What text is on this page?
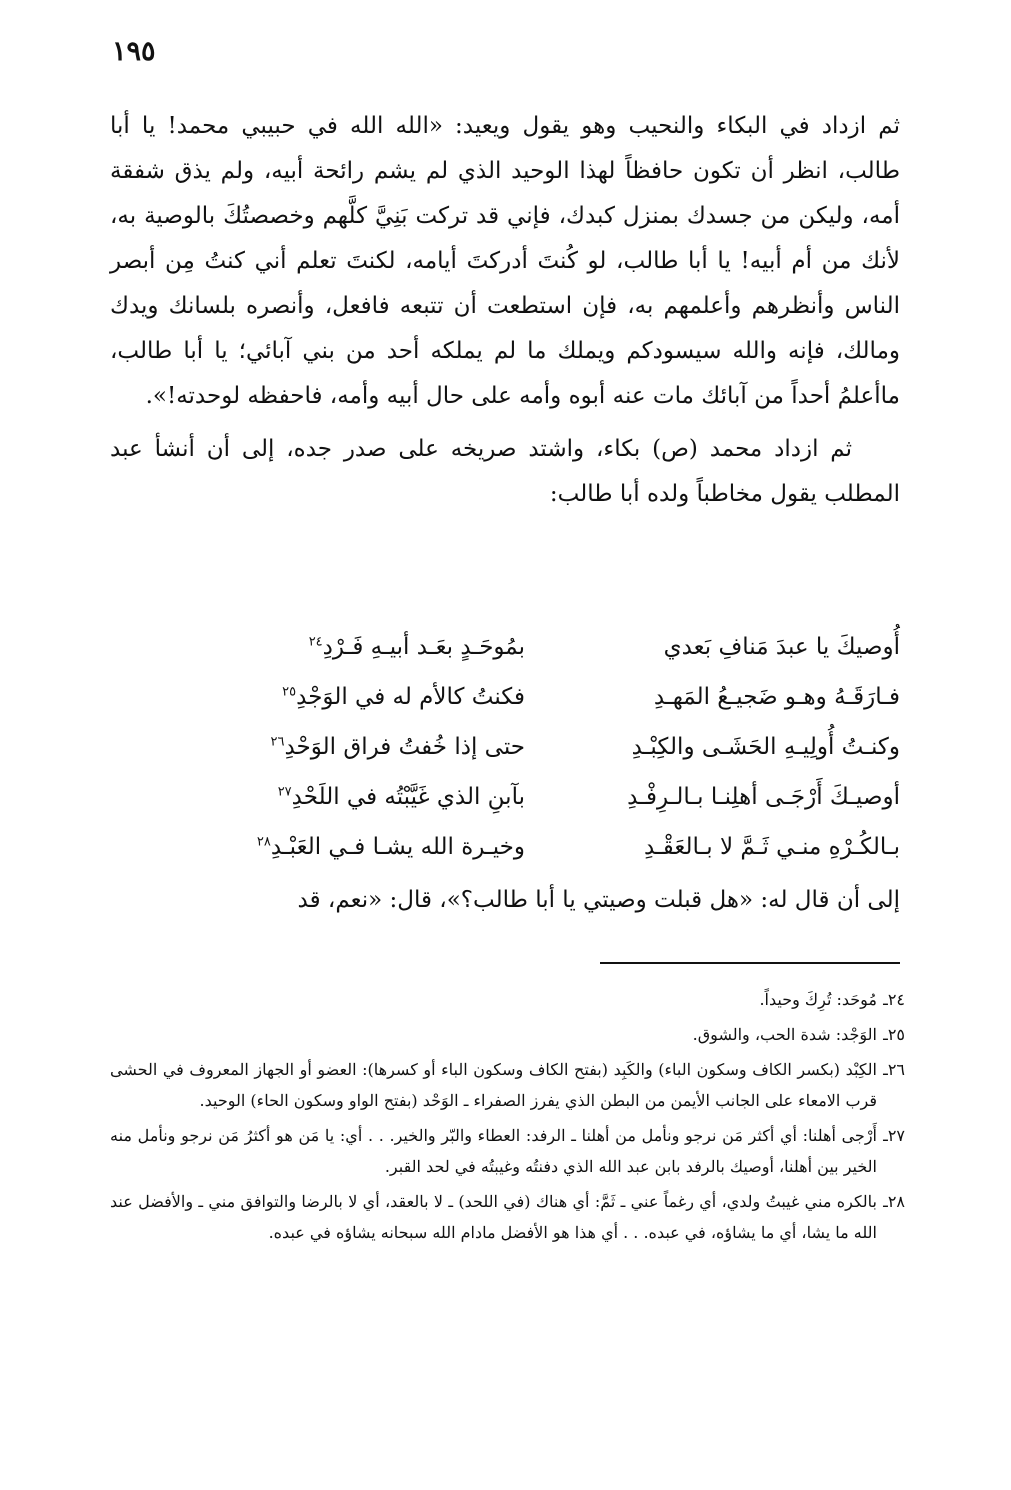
١٩٥

ثم ازداد في البكاء والنحيب وهو يقول ويعيد: «الله الله في حبيبي محمد! يا أبا طالب، انظر أن تكون حافظاً لهذا الوحيد الذي لم يشم رائحة أبيه، ولم يذق شفقة أمه، وليكن من جسدك بمنزل كبدك، فإني قد تركت بَنِيَّ كلَّهم وخصصتُكَ بالوصية به، لأنك من أم أبيه! يا أبا طالب، لو كُنتَ أدركتَ أيامه، لكنتَ تعلم أني كنتُ مِن أبصر الناس وأنظرهم وأعلمهم به، فإن استطعت أن تتبعه فافعل، وأنصره بلسانك ويدك ومالك، فإنه والله سيسودكم ويملك ما لم يملكه أحد من بني آبائي؛ يا أبا طالب، ماأعلمُ أحداً من آبائك مات عنه أبوه وأمه على حال أبيه وأمه، فاحفظه لوحدته!».

ثم ازداد محمد (ص) بكاء، واشتد صريخه على صدر جده، إلى أن أنشأ عبد المطلب يقول مخاطباً ولده أبا طالب:

أُوصيكَ يا عبدَ مَنافِ بَعدي
بمُوحَـدٍ بعَـد أبيـهِ فَـرْدِ$^{٢٤}$
فـارَقَـهُ وهـو ضَجيـعُ المَهـدِ
فكنتُ كالأم له في الوَجْدِ$^{٢٥}$
وكنـتُ أُولِيـهِ الحَشَـى والكِبْـدِ
حتى إذا خُفتُ فراق الوَحْدِ$^{٢٦}$
أوصيـكَ أَرْجَـى أهلِنـا بـالـرِفْـدِ
بآبنِ الذي غَيَّبْتُه في اللَحْدِ$^{٢٧}$
بـالكُـرْهِ منـي ثَـمَّ لا بـالعَقْـدِ
وخيـرة الله يشـا فـي العَبْـدِ$^{٢٨}$
إلى أن قال له: «هل قبلت وصيتي يا أبا طالب؟»، قال: «نعم، قد

٢٤ـ
مُوحَد: تُرِكَ وحيداً.

٢٥ـ
الوَجْد: شدة الحب، والشوق.

٢٦ـ
الكِبْد (بكسر الكاف وسكون الباء) والكَبِد (بفتح الكاف وسكون الباء أو كسرها): العضو أو الجهاز المعروف في الحشى قرب الامعاء على الجانب الأيمن من البطن الذي يفرز الصفراء ـ الوَحْد (بفتح الواو وسكون الحاء) الوحيد.

٢٧ـ
أَرْجى أهلنا: أي أكثر مَن نرجو ونأمل من أهلنا ـ الرفد: العطاء والبّر والخير. . . أي: يا مَن هو أكثرُ مَن نرجو ونأمل منه الخير بين أهلنا، أوصيك بالرفد بابن عبد الله الذي دفنتُه وغيبتُه في لحد القبر.

٢٨ـ
بالكره مني غيبتُ ولدي، أي رغماً عني ـ ثَمَّ: أي هناك (في اللحد) ـ لا بالعقد، أي لا بالرضا والتوافق مني ـ والأفضل عند الله ما يشا، أي ما يشاؤه، في عبده. . . أي هذا هو الأفضل مادام الله سبحانه يشاؤه في عبده.
